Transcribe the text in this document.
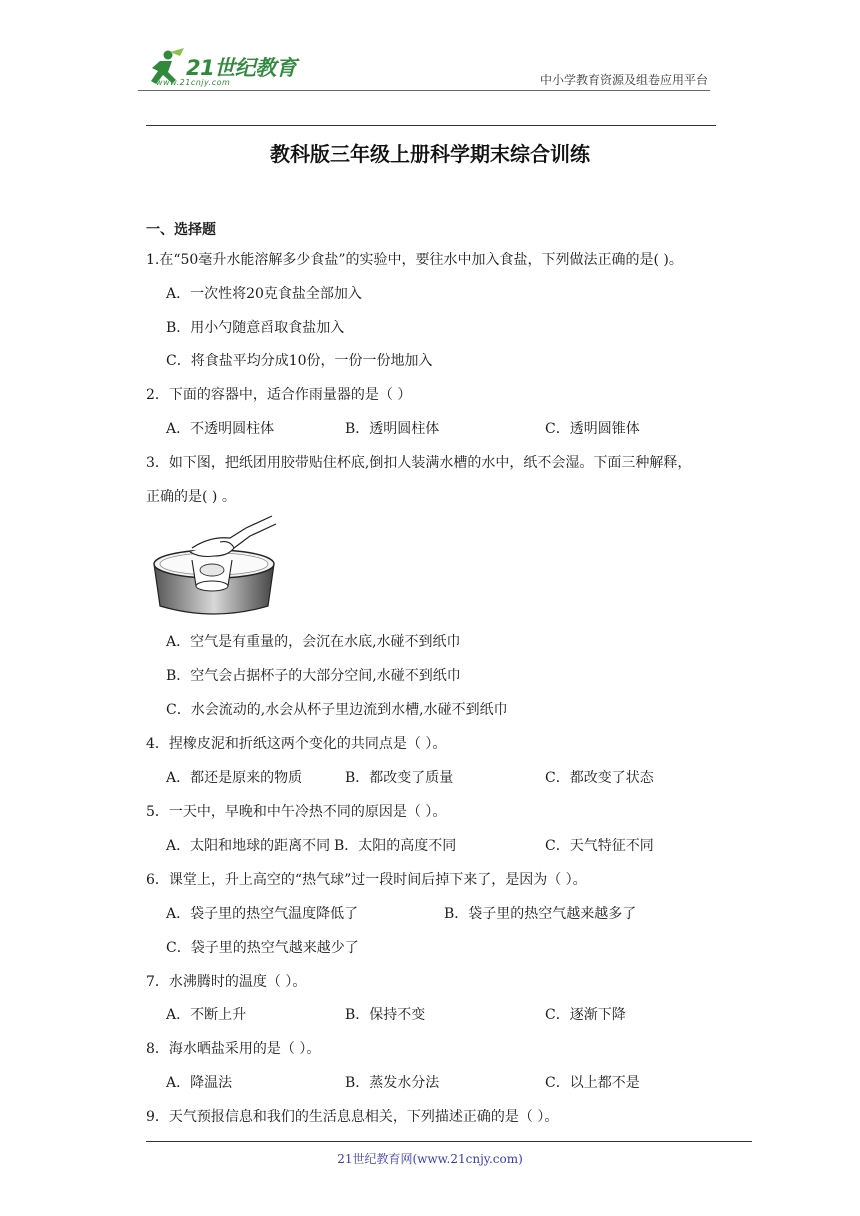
21世纪教育
www.21cnjy.com	中小学教育资源及组卷应用平台
教科版三年级上册科学期末综合训练
一、选择题
1.在“50毫升水能溶解多少食盐”的实验中，要往水中加入食盐，下列做法正确的是( )。
A．一次性将20克食盐全部加入
B．用小勺随意舀取食盐加入
C．将食盐平均分成10份，一份一份地加入
2．下面的容器中，适合作雨量器的是（ ）
A．不透明圆柱体	B．透明圆柱体	C．透明圆锥体
3．如下图，把纸团用胶带贴住杯底,倒扣人装满水槽的水中，纸不会湿。下面三种解释，
正确的是( ) 。
A．空气是有重量的，会沉在水底,水碰不到纸巾
B．空气会占据杯子的大部分空间,水碰不到纸巾
C．水会流动的,水会从杯子里边流到水槽,水碰不到纸巾
4．捏橡皮泥和折纸这两个变化的共同点是（ ）。
A．都还是原来的物质	B．都改变了质量	C．都改变了状态
5．一天中，早晚和中午冷热不同的原因是（ ）。
A．太阳和地球的距离不同 B．太阳的高度不同	C．天气特征不同
6．课堂上，升上高空的“热气球”过一段时间后掉下来了，是因为（ ）。
A．袋子里的热空气温度降低了	B．袋子里的热空气越来越多了
C．袋子里的热空气越来越少了
7．水沸腾时的温度（ ）。
A．不断上升	B．保持不变	C．逐渐下降
8．海水晒盐采用的是（ ）。
A．降温法	B．蒸发水分法	C．以上都不是
9．天气预报信息和我们的生活息息相关，下列描述正确的是（ ）。
21世纪教育网(www.21cnjy.com)
